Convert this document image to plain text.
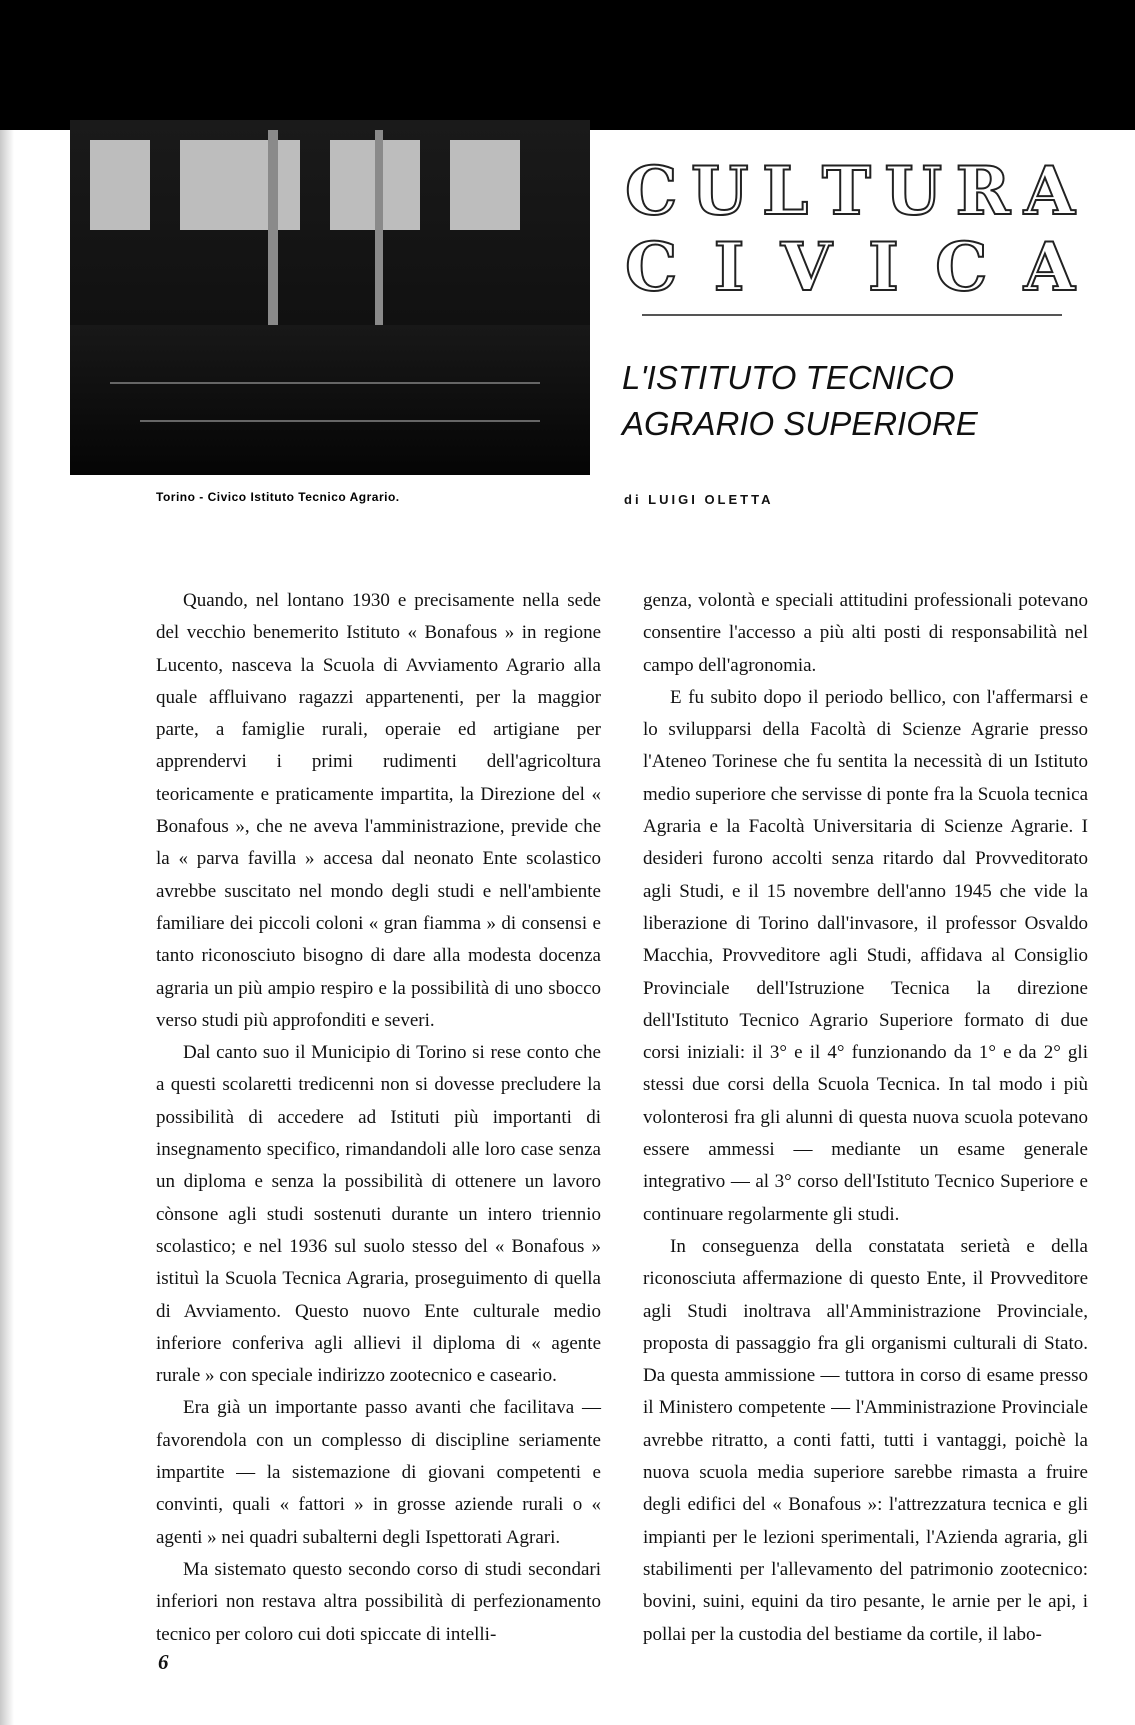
Torino - Civico Istituto Tecnico Agrario.
C U L T U R A
C I V I C A
L'ISTITUTO TECNICO
AGRARIO SUPERIORE
di LUIGI OLETTA

Quando, nel lontano 1930 e precisamente nella sede del vecchio benemerito Istituto « Bonafous » in regione Lucento, nasceva la Scuola di Avviamento Agrario alla quale affluivano ragazzi appartenenti, per la maggior parte, a famiglie rurali, operaie ed artigiane per apprendervi i primi rudimenti dell'agricoltura teoricamente e praticamente impartita, la Direzione del « Bonafous », che ne aveva l'amministrazione, previde che la « parva favilla » accesa dal neonato Ente scolastico avrebbe suscitato nel mondo degli studi e nell'ambiente familiare dei piccoli coloni « gran fiamma » di consensi e tanto riconosciuto bisogno di dare alla modesta docenza agraria un più ampio respiro e la possibilità di uno sbocco verso studi più approfonditi e severi.

Dal canto suo il Municipio di Torino si rese conto che a questi scolaretti tredicenni non si dovesse precludere la possibilità di accedere ad Istituti più importanti di insegnamento specifico, rimandandoli alle loro case senza un diploma e senza la possibilità di ottenere un lavoro cònsone agli studi sostenuti durante un intero triennio scolastico; e nel 1936 sul suolo stesso del « Bonafous » istituì la Scuola Tecnica Agraria, proseguimento di quella di Avviamento. Questo nuovo Ente culturale medio inferiore conferiva agli allievi il diploma di « agente rurale » con speciale indirizzo zootecnico e caseario.

Era già un importante passo avanti che facilitava — favorendola con un complesso di discipline seriamente impartite — la sistemazione di giovani competenti e convinti, quali « fattori » in grosse aziende rurali o « agenti » nei quadri subalterni degli Ispettorati Agrari.

Ma sistemato questo secondo corso di studi secondari inferiori non restava altra possibilità di perfezionamento tecnico per coloro cui doti spiccate di intelli-

genza, volontà e speciali attitudini professionali potevano consentire l'accesso a più alti posti di responsabilità nel campo dell'agronomia.

E fu subito dopo il periodo bellico, con l'affermarsi e lo svilupparsi della Facoltà di Scienze Agrarie presso l'Ateneo Torinese che fu sentita la necessità di un Istituto medio superiore che servisse di ponte fra la Scuola tecnica Agraria e la Facoltà Universitaria di Scienze Agrarie. I desideri furono accolti senza ritardo dal Provveditorato agli Studi, e il 15 novembre dell'anno 1945 che vide la liberazione di Torino dall'invasore, il professor Osvaldo Macchia, Provveditore agli Studi, affidava al Consiglio Provinciale dell'Istruzione Tecnica la direzione dell'Istituto Tecnico Agrario Superiore formato di due corsi iniziali: il 3° e il 4° funzionando da 1° e da 2° gli stessi due corsi della Scuola Tecnica. In tal modo i più volonterosi fra gli alunni di questa nuova scuola potevano essere ammessi — mediante un esame generale integrativo — al 3° corso dell'Istituto Tecnico Superiore e continuare regolarmente gli studi.

In conseguenza della constatata serietà e della riconosciuta affermazione di questo Ente, il Provveditore agli Studi inoltrava all'Amministrazione Provinciale, proposta di passaggio fra gli organismi culturali di Stato. Da questa ammissione — tuttora in corso di esame presso il Ministero competente — l'Amministrazione Provinciale avrebbe ritratto, a conti fatti, tutti i vantaggi, poichè la nuova scuola media superiore sarebbe rimasta a fruire degli edifici del « Bonafous »: l'attrezzatura tecnica e gli impianti per le lezioni sperimentali, l'Azienda agraria, gli stabilimenti per l'allevamento del patrimonio zootecnico: bovini, suini, equini da tiro pesante, le arnie per le api, i pollai per la custodia del bestiame da cortile, il labo-

6
